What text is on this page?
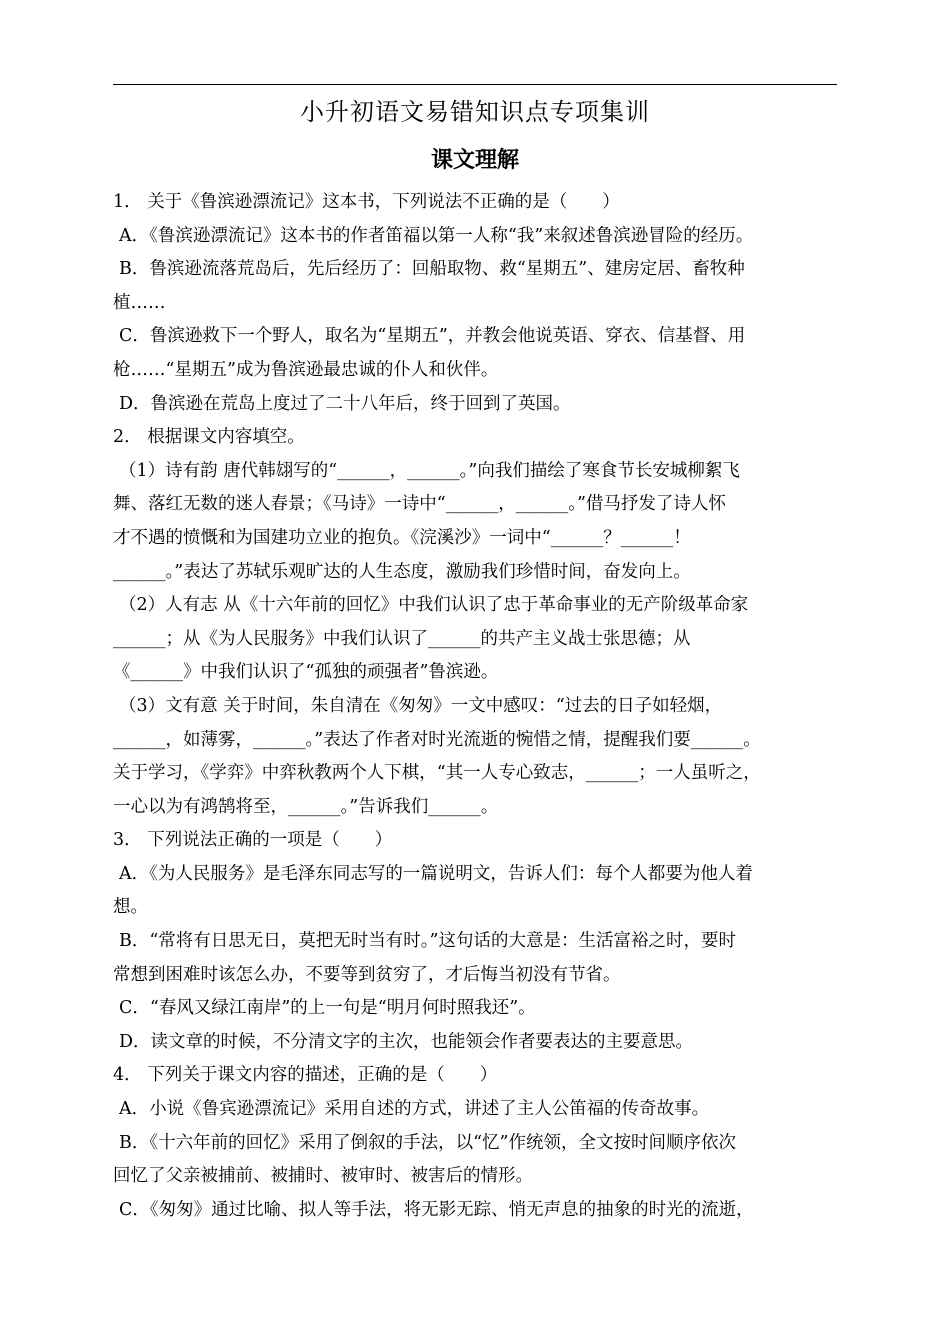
小升初语文易错知识点专项集训
课文理解
1． 关于《鲁滨逊漂流记》这本书，下列说法不正确的是（　　）
A．《鲁滨逊漂流记》这本书的作者笛福以第一人称“我”来叙述鲁滨逊冒险的经历。
B．鲁滨逊流落荒岛后，先后经历了：回船取物、救“星期五”、建房定居、畜牧种
植……
C．鲁滨逊救下一个野人，取名为“星期五”，并教会他说英语、穿衣、信基督、用
枪……“星期五”成为鲁滨逊最忠诚的仆人和伙伴。
D．鲁滨逊在荒岛上度过了二十八年后，终于回到了英国。
2． 根据课文内容填空。
（1）诗有韵 唐代韩翃写的“______，______。”向我们描绘了寒食节长安城柳絮飞
舞、落红无数的迷人春景；《马诗》一诗中“______，______。”借马抒发了诗人怀
才不遇的愤慨和为国建功立业的抱负。《浣溪沙》一词中“______？______！
______。”表达了苏轼乐观旷达的人生态度，激励我们珍惜时间，奋发向上。
（2）人有志 从《十六年前的回忆》中我们认识了忠于革命事业的无产阶级革命家
______；从《为人民服务》中我们认识了______的共产主义战士张思德；从
《______》中我们认识了“孤独的顽强者”鲁滨逊。
（3）文有意 关于时间，朱自清在《匆匆》一文中感叹：“过去的日子如轻烟，
______，如薄雾，______。”表达了作者对时光流逝的惋惜之情，提醒我们要______。
关于学习，《学弈》中弈秋教两个人下棋，“其一人专心致志，______；一人虽听之，
一心以为有鸿鹄将至，______。”告诉我们______。
3． 下列说法正确的一项是（　　）
A．《为人民服务》是毛泽东同志写的一篇说明文，告诉人们：每个人都要为他人着
想。
B．“常将有日思无日，莫把无时当有时。”这句话的大意是：生活富裕之时，要时
常想到困难时该怎么办，不要等到贫穷了，才后悔当初没有节省。
C．“春风又绿江南岸”的上一句是“明月何时照我还”。
D．读文章的时候，不分清文字的主次，也能领会作者要表达的主要意思。
4． 下列关于课文内容的描述，正确的是（　　）
A．小说《鲁宾逊漂流记》采用自述的方式，讲述了主人公笛福的传奇故事。
B．《十六年前的回忆》采用了倒叙的手法，以“忆”作统领，全文按时间顺序依次
回忆了父亲被捕前、被捕时、被审时、被害后的情形。
C．《匆匆》通过比喻、拟人等手法，将无影无踪、悄无声息的抽象的时光的流逝，
